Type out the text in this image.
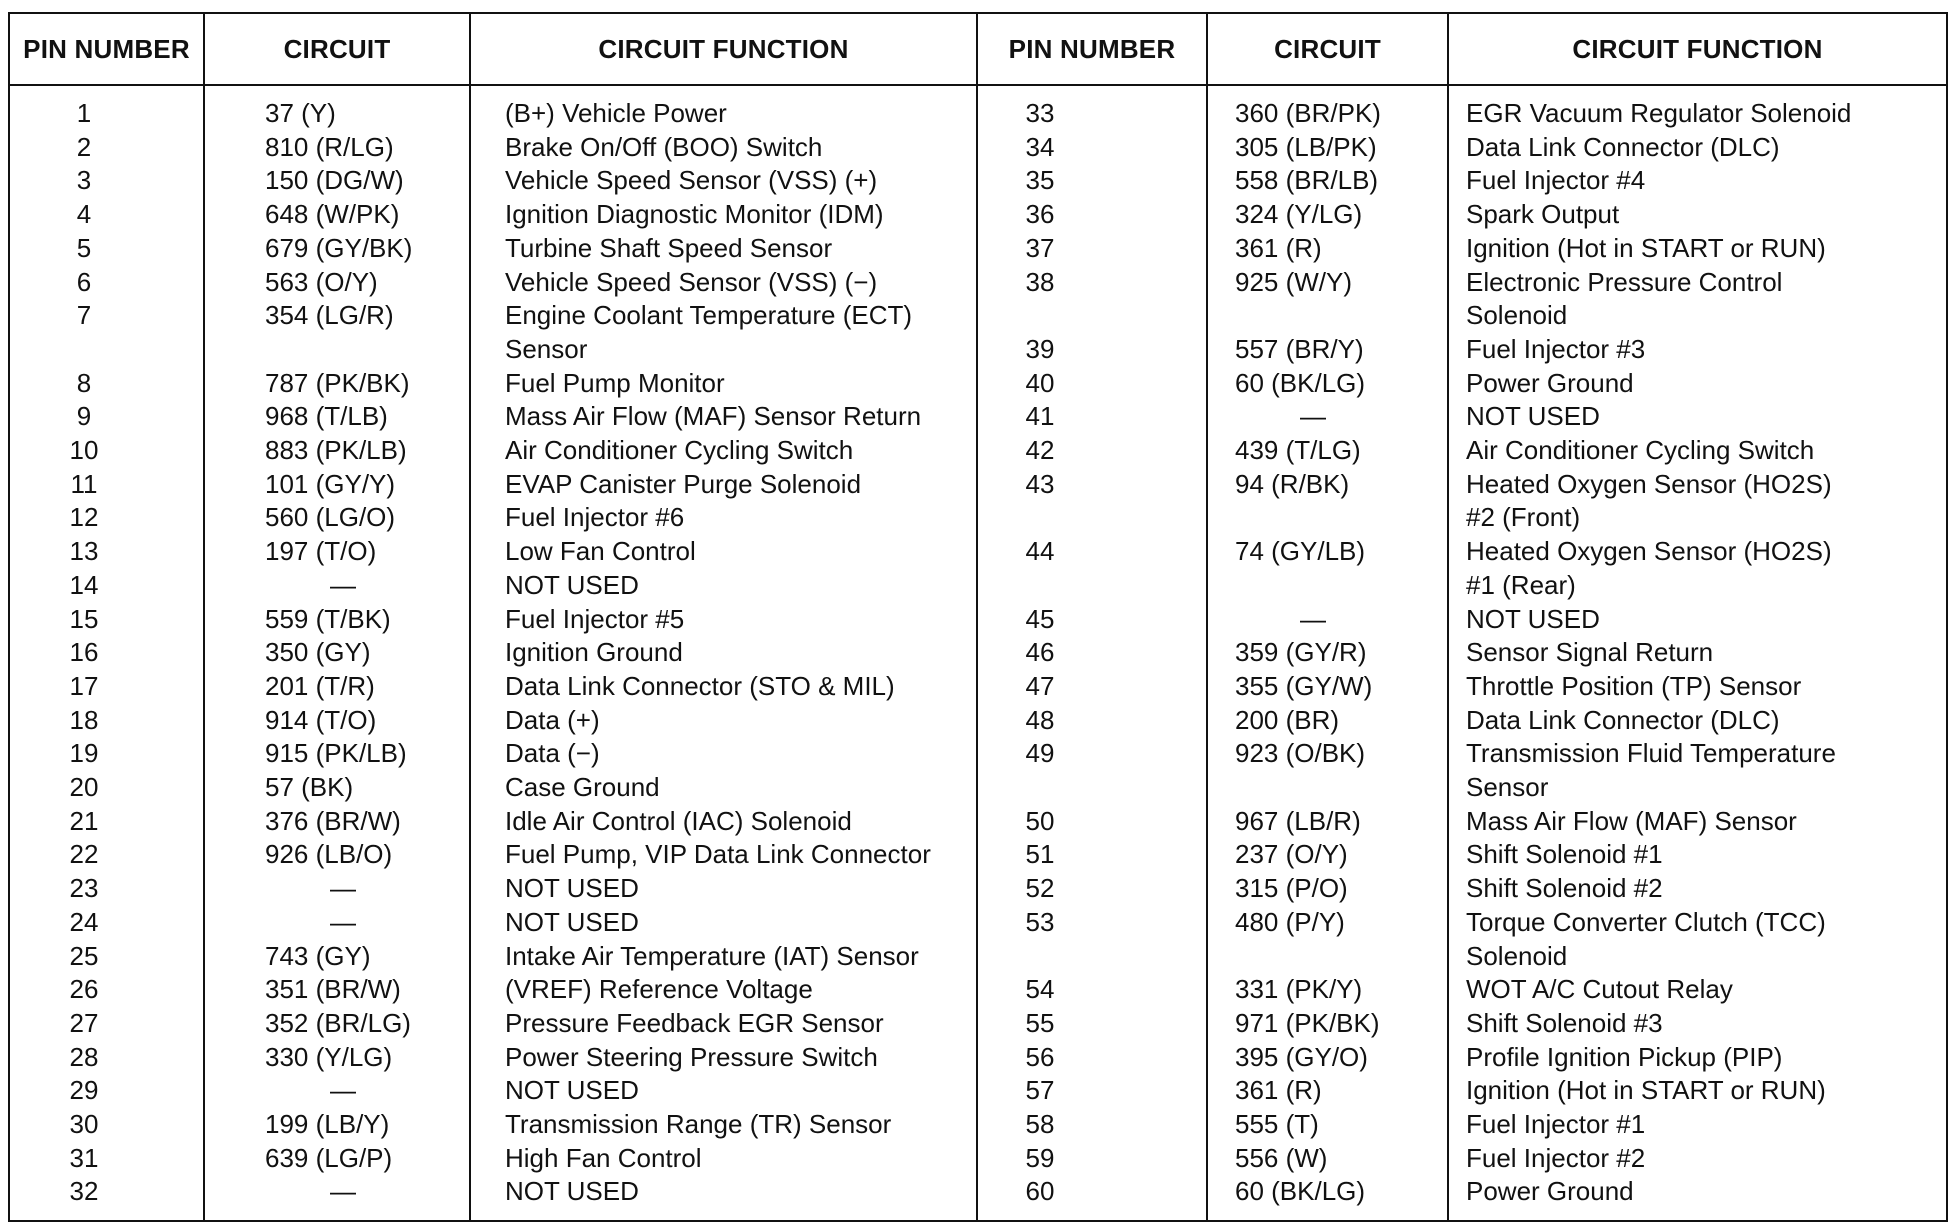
PIN NUMBER	CIRCUIT	CIRCUIT FUNCTION	PIN NUMBER	CIRCUIT	CIRCUIT FUNCTION
1	37 (Y)	(B+) Vehicle Power
2	810 (R/LG)	Brake On/Off (BOO) Switch
3	150 (DG/W)	Vehicle Speed Sensor (VSS) (+)
4	648 (W/PK)	Ignition Diagnostic Monitor (IDM)
5	679 (GY/BK)	Turbine Shaft Speed Sensor
6	563 (O/Y)	Vehicle Speed Sensor (VSS) (−)
7	354 (LG/R)	Engine Coolant Temperature (ECT)
Sensor
8	787 (PK/BK)	Fuel Pump Monitor
9	968 (T/LB)	Mass Air Flow (MAF) Sensor Return
10	883 (PK/LB)	Air Conditioner Cycling Switch
11	101 (GY/Y)	EVAP Canister Purge Solenoid
12	560 (LG/O)	Fuel Injector #6
13	197 (T/O)	Low Fan Control
14	—	NOT USED
15	559 (T/BK)	Fuel Injector #5
16	350 (GY)	Ignition Ground
17	201 (T/R)	Data Link Connector (STO & MIL)
18	914 (T/O)	Data (+)
19	915 (PK/LB)	Data (−)
20	57 (BK)	Case Ground
21	376 (BR/W)	Idle Air Control (IAC) Solenoid
22	926 (LB/O)	Fuel Pump, VIP Data Link Connector
23	—	NOT USED
24	—	NOT USED
25	743 (GY)	Intake Air Temperature (IAT) Sensor
26	351 (BR/W)	(VREF) Reference Voltage
27	352 (BR/LG)	Pressure Feedback EGR Sensor
28	330 (Y/LG)	Power Steering Pressure Switch
29	—	NOT USED
30	199 (LB/Y)	Transmission Range (TR) Sensor
31	639 (LG/P)	High Fan Control
32	—	NOT USED
33	360 (BR/PK)	EGR Vacuum Regulator Solenoid
34	305 (LB/PK)	Data Link Connector (DLC)
35	558 (BR/LB)	Fuel Injector #4
36	324 (Y/LG)	Spark Output
37	361 (R)	Ignition (Hot in START or RUN)
38	925 (W/Y)	Electronic Pressure Control
Solenoid
39	557 (BR/Y)	Fuel Injector #3
40	60 (BK/LG)	Power Ground
41	—	NOT USED
42	439 (T/LG)	Air Conditioner Cycling Switch
43	94 (R/BK)	Heated Oxygen Sensor (HO2S)
#2 (Front)
44	74 (GY/LB)	Heated Oxygen Sensor (HO2S)
#1 (Rear)
45	—	NOT USED
46	359 (GY/R)	Sensor Signal Return
47	355 (GY/W)	Throttle Position (TP) Sensor
48	200 (BR)	Data Link Connector (DLC)
49	923 (O/BK)	Transmission Fluid Temperature
Sensor
50	967 (LB/R)	Mass Air Flow (MAF) Sensor
51	237 (O/Y)	Shift Solenoid #1
52	315 (P/O)	Shift Solenoid #2
53	480 (P/Y)	Torque Converter Clutch (TCC)
Solenoid
54	331 (PK/Y)	WOT A/C Cutout Relay
55	971 (PK/BK)	Shift Solenoid #3
56	395 (GY/O)	Profile Ignition Pickup (PIP)
57	361 (R)	Ignition (Hot in START or RUN)
58	555 (T)	Fuel Injector #1
59	556 (W)	Fuel Injector #2
60	60 (BK/LG)	Power Ground
